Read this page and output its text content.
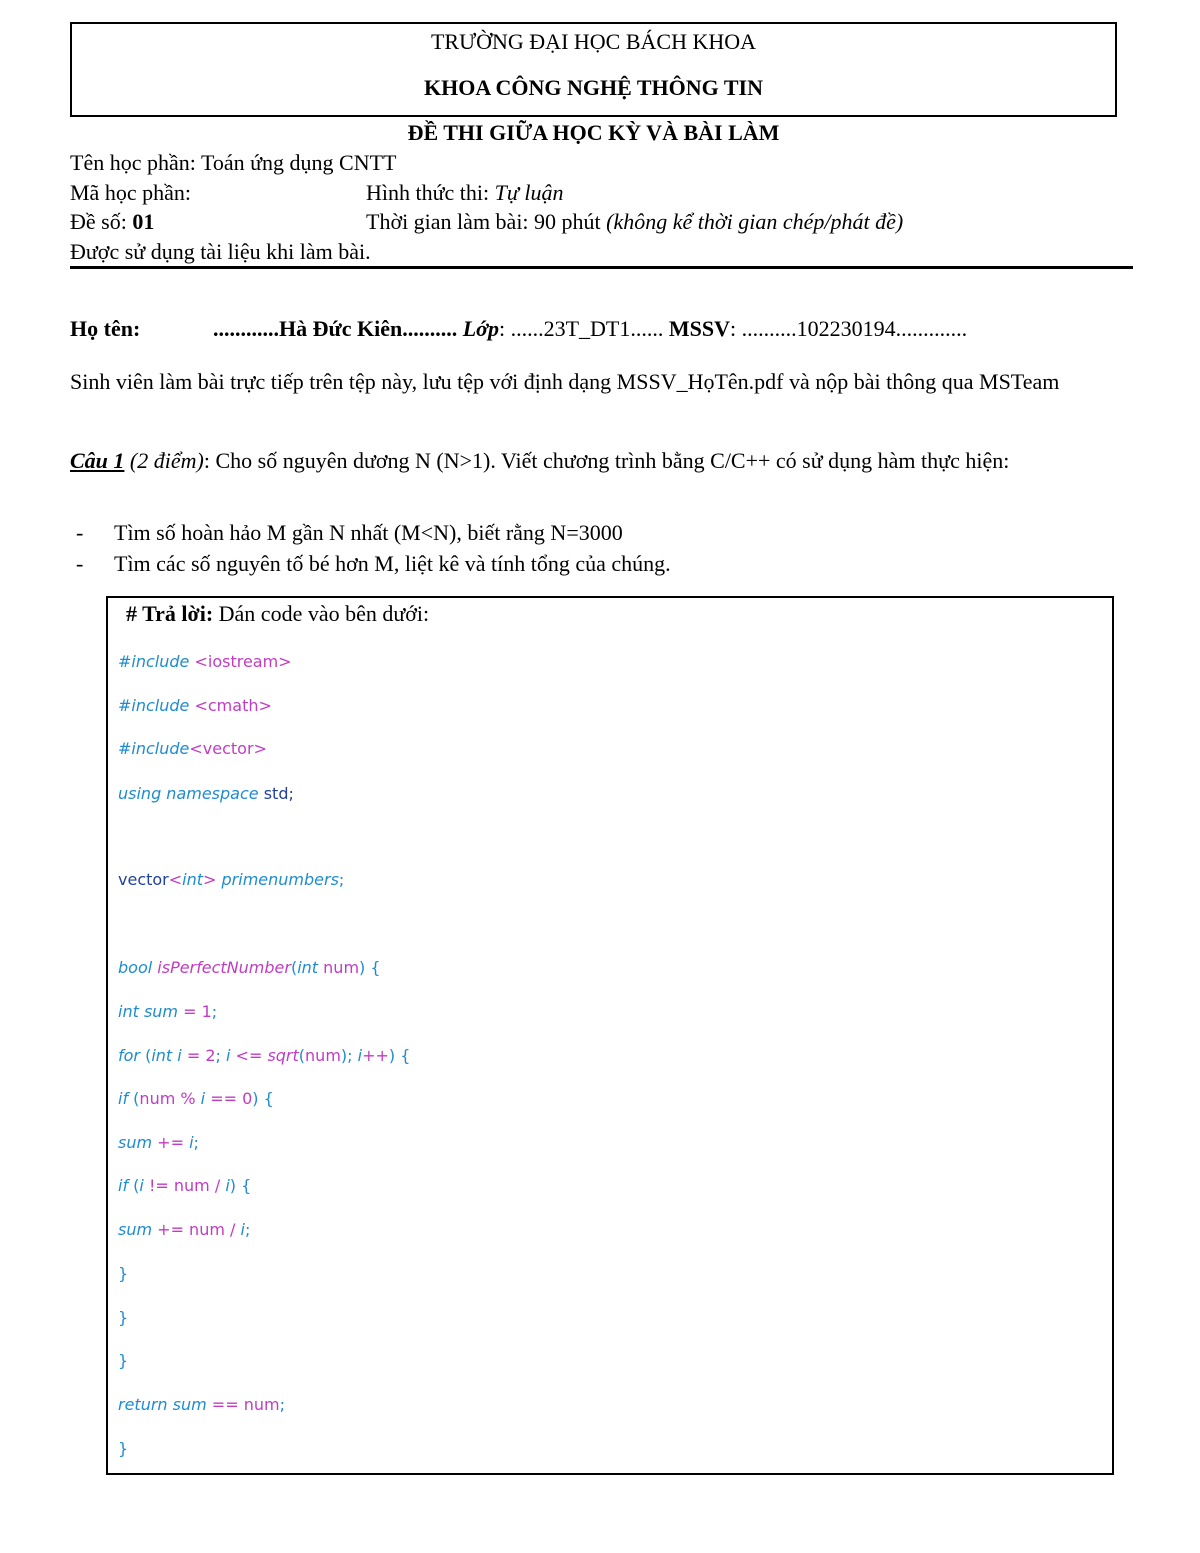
TRƯỜNG ĐẠI HỌC BÁCH KHOA
KHOA CÔNG NGHỆ THÔNG TIN
ĐỀ THI GIỮA HỌC KỲ VÀ BÀI LÀM
Tên học phần: Toán ứng dụng CNTT
Mã học phần:	Hình thức thi: Tự luận
Đề số: 01	Thời gian làm bài: 90 phút (không kể thời gian chép/phát đề)
Được sử dụng tài liệu khi làm bài.
Họ tên:	............Hà Đức Kiên.......... Lớp: ......23T_DT1...... MSSV: ..........102230194.............
Sinh viên làm bài trực tiếp trên tệp này, lưu tệp với định dạng MSSV_HọTên.pdf và nộp bài thông qua MSTeam
Câu 1 (2 điểm): Cho số nguyên dương N (N>1). Viết chương trình bằng C/C++ có sử dụng hàm thực hiện:
- Tìm số hoàn hảo M gần N nhất (M<N), biết rằng N=3000
- Tìm các số nguyên tố bé hơn M, liệt kê và tính tổng của chúng.
# Trả lời: Dán code vào bên dưới:
#include <iostream>
#include <cmath>
#include<vector>
using namespace std;
vector<int> primenumbers;
bool isPerfectNumber(int num) {
int sum = 1;
for (int i = 2; i <= sqrt(num); i++) {
if (num % i == 0) {
sum += i;
if (i != num / i) {
sum += num / i;
}
}
}
return sum == num;
}
